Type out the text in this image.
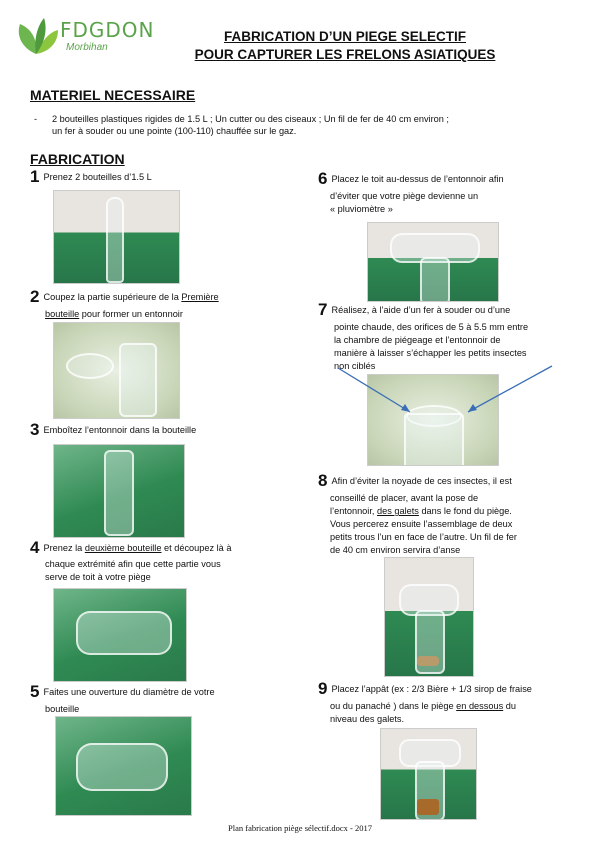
FDGDON
Morbihan
FABRICATION D’UN PIEGE SELECTIF
POUR CAPTURER LES FRELONS ASIATIQUES
MATERIEL NECESSAIRE
- 2 bouteilles plastiques rigides de 1.5 L ; Un cutter ou des ciseaux ; Un fil de fer de 40 cm environ ;
un fer à souder ou une pointe (100-110) chauffée sur le gaz.
FABRICATION
1 Prenez 2 bouteilles d’1.5 L
2 Coupez la partie supérieure de la Première
bouteille pour former un entonnoir
3 Emboîtez l’entonnoir dans la bouteille
4 Prenez la deuxième bouteille et découpez là à
chaque extrémité afin que cette partie vous
serve de toit à votre piège
5 Faites une ouverture du diamètre de votre
bouteille
6 Placez le toit au-dessus de l’entonnoir afin
d’éviter que votre piège devienne un
« pluviomètre »
7 Réalisez, à l’aide d’un fer à souder ou d’une
pointe chaude, des orifices de 5 à 5.5 mm entre
la chambre de piégeage et l’entonnoir de
manière à laisser s’échapper les petits insectes
non ciblés
8 Afin d’éviter la noyade de ces insectes, il est
conseillé de placer, avant la pose de
l’entonnoir, des galets dans le fond du piège.
Vous percerez ensuite l’assemblage de deux
petits trous l’un en face de l’autre. Un fil de fer
de 40 cm environ servira d’anse
9 Placez l’appât (ex : 2/3 Bière + 1/3 sirop de fraise
ou du panaché ) dans le piège en dessous du
niveau des galets.
Plan fabrication piège sélectif.docx - 2017
